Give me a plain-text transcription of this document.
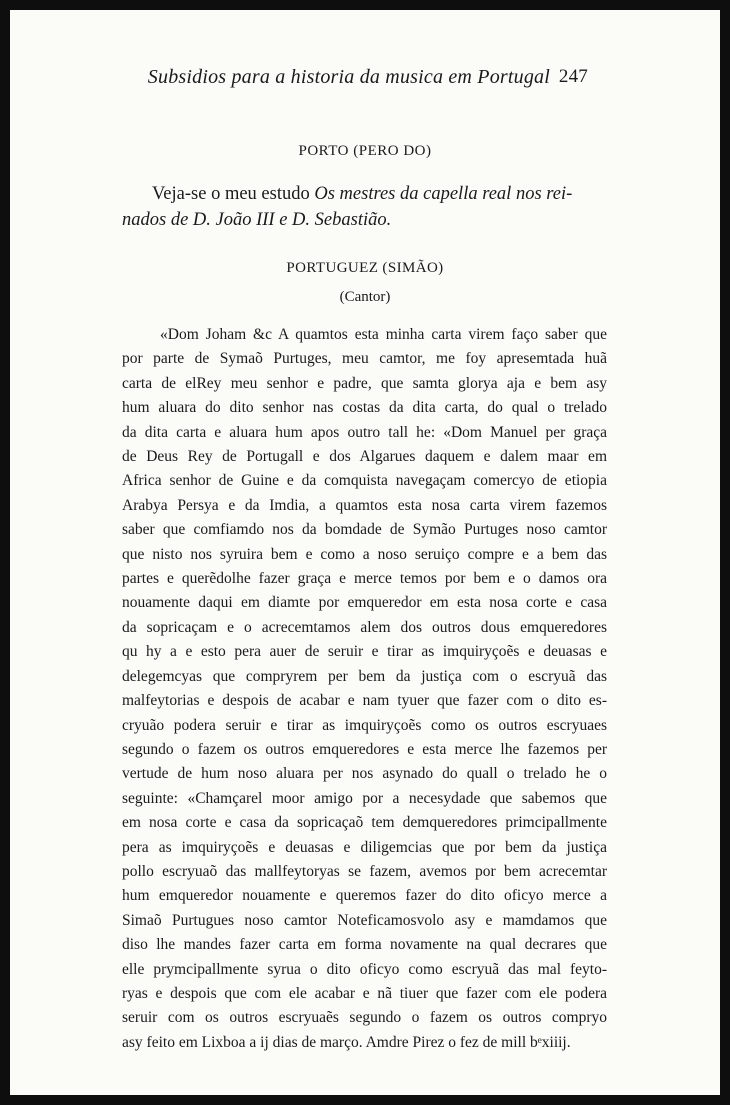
Subsidios para a historia da musica em Portugal 247
PORTO (PERO DO)
Veja-se o meu estudo Os mestres da capella real nos rei-
nados de D. João III e D. Sebastião.
PORTUGUEZ (SIMÃO)
(Cantor)
«Dom Joham &c A quamtos esta minha carta virem faço saber que
por parte de Symaõ Purtuges, meu camtor, me foy apresemtada huã
carta de elRey meu senhor e padre, que samta glorya aja e bem asy
hum aluara do dito senhor nas costas da dita carta, do qual o trelado
da dita carta e aluara hum apos outro tall he: «Dom Manuel per graça
de Deus Rey de Portugall e dos Algarues daquem e dalem maar em
Africa senhor de Guine e da comquista navegaçam comercyo de etiopia
Arabya Persya e da Imdia, a quamtos esta nosa carta virem fazemos
saber que comfiamdo nos da bomdade de Symão Purtuges noso camtor
que nisto nos syruira bem e como a noso seruiço compre e a bem das
partes e querẽdolhe fazer graça e merce temos por bem e o damos ora
nouamente daqui em diamte por emqueredor em esta nosa corte e casa
da sopricaçam e o acrecemtamos alem dos outros dous emqueredores
qu hy a e esto pera auer de seruir e tirar as imquiryçoẽs e deuasas e
delegemcyas que compryrem per bem da justiça com o escryuã das
malfeytorias e despois de acabar e nam tyuer que fazer com o dito es-
cryuão podera seruir e tirar as imquiryçoẽs como os outros escryuaes
segundo o fazem os outros emqueredores e esta merce lhe fazemos per
vertude de hum noso aluara per nos asynado do quall o trelado he o
seguinte: «Chamçarel moor amigo por a necesydade que sabemos que
em nosa corte e casa da sopricaçaõ tem demqueredores primcipallmente
pera as imquiryçoẽs e deuasas e diligemcias que por bem da justiça
pollo escryuaõ das mallfeytoryas se fazem, avemos por bem acrecemtar
hum emqueredor nouamente e queremos fazer do dito oficyo merce a
Simaõ Purtugues noso camtor Noteficamosvolo asy e mamdamos que
diso lhe mandes fazer carta em forma novamente na qual decrares que
elle prymcipallmente syrua o dito oficyo como escryuã das mal feyto-
ryas e despois que com ele acabar e nã tiuer que fazer com ele podera
seruir com os outros escryuaẽs segundo o fazem os outros compryo
asy feito em Lixboa a ij dias de março. Amdre Pirez o fez de mill bᵉxiiij.
